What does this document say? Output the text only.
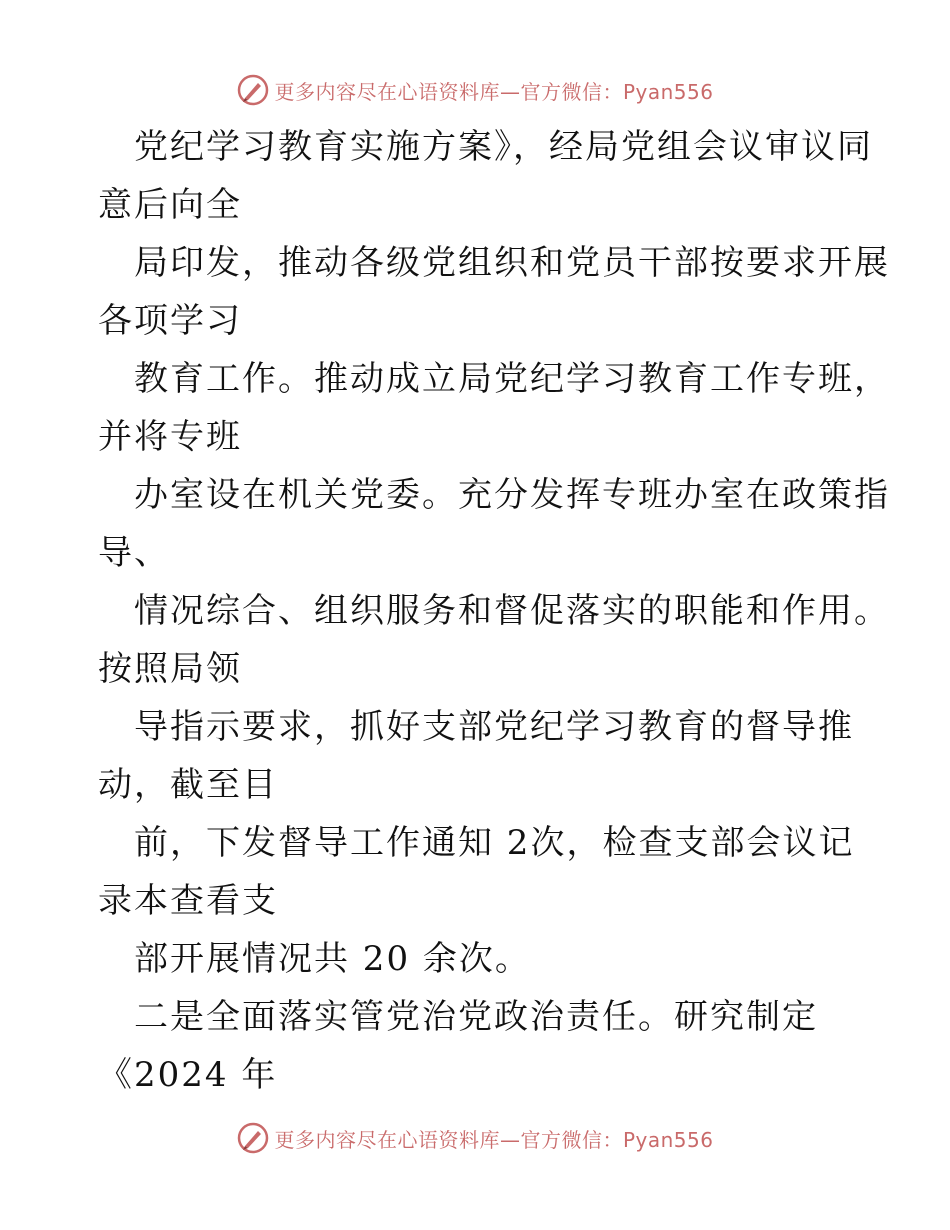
更多内容尽在心语资料库—官方微信：Pyan556
党纪学习教育实施方案》，经局党组会议审议同
意后向全
局印发，推动各级党组织和党员干部按要求开展
各项学习
教育工作。推动成立局党纪学习教育工作专班，
并将专班
办室设在机关党委。充分发挥专班办室在政策指
导、
情况综合、组织服务和督促落实的职能和作用。
按照局领
导指示要求，抓好支部党纪学习教育的督导推
动，截至目
前，下发督导工作通知 2次，检查支部会议记
录本查看支
部开展情况共 20 余次。
二是全面落实管党治党政治责任。研究制定
《2024 年
更多内容尽在心语资料库—官方微信：Pyan556
